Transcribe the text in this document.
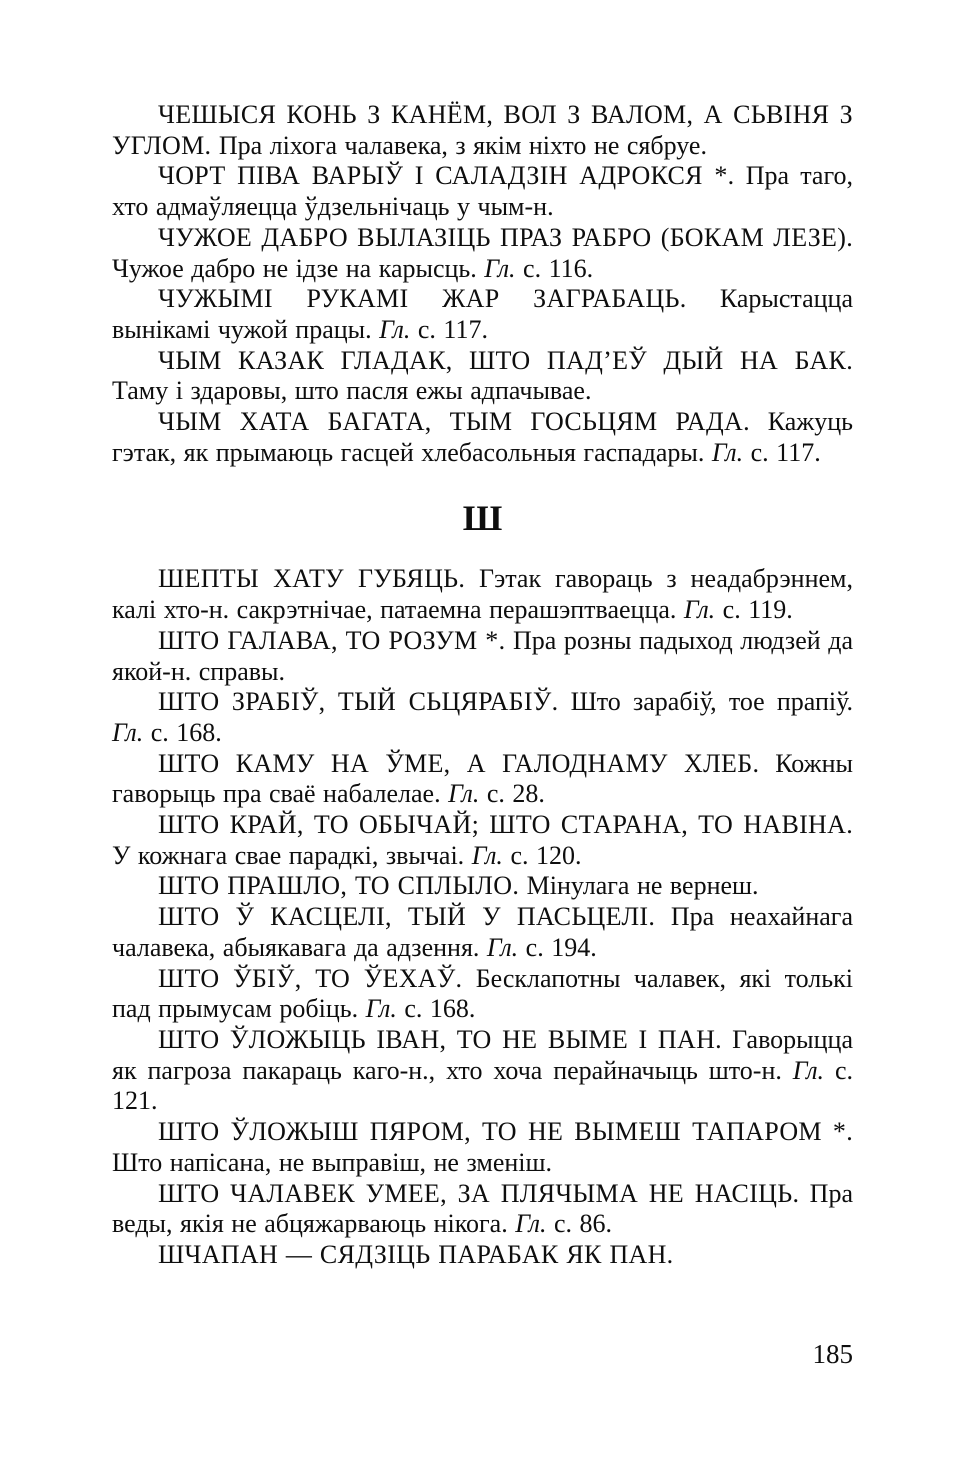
ЧЕШЫСЯ КОНЬ З КАНЁМ, ВОЛ З ВАЛОМ, А СЬВІНЯ З УГЛОМ. Пра ліхога чалавека, з якім ніхто не сябруе.

ЧОРТ ПІВА ВАРЫЎ І САЛАДЗІН АДРОКСЯ *. Пра таго, хто адмаўляецца ўдзельнічаць у чым-н.

ЧУЖОЕ ДАБРО ВЫЛАЗІЦЬ ПРАЗ РАБРО (БОКАМ ЛЕЗЕ). Чужое дабро не ідзе на карысць. Гл. с. 116.

ЧУЖЫМІ РУКАМІ ЖАР ЗАГРАБАЦЬ. Карыстацца вынікамі чужой працы. Гл. с. 117.

ЧЫМ КАЗАК ГЛАДАК, ШТО ПАД’ЕЎ ДЫЙ НА БАК. Таму і здаровы, што пасля ежы адпачывае.

ЧЫМ ХАТА БАГАТА, ТЫМ ГОСЬЦЯМ РАДА. Кажуць гэтак, як прымаюць гасцей хлебасольныя гаспадары. Гл. с. 117.

Ш

ШЕПТЫ ХАТУ ГУБЯЦЬ. Гэтак гавораць з неадабрэннем, калі хто-н. сакрэтнічае, патаемна перашэптваецца. Гл. с. 119.

ШТО ГАЛАВА, ТО РОЗУМ *. Пра розны падыход людзей да якой-н. справы.

ШТО ЗРАБІЎ, ТЫЙ СЬЦЯРАБІЎ. Што зарабіў, тое прапіў. Гл. с. 168.

ШТО КАМУ НА ЎМЕ, А ГАЛОДНАМУ ХЛЕБ. Кожны гаворыць пра сваё набалелае. Гл. с. 28.

ШТО КРАЙ, ТО ОБЫЧАЙ; ШТО СТАРАНА, ТО НАВІНА. У кожнага свае парадкі, звычаі. Гл. с. 120.

ШТО ПРАШЛО, ТО СПЛЫЛО. Мінулага не вернеш.

ШТО Ў КАСЦЕЛІ, ТЫЙ У ПАСЬЦЕЛІ. Пра неахайнага чалавека, абыякавага да адзення. Гл. с. 194.

ШТО ЎБІЎ, ТО ЎЕХАЎ. Бесклапотны чалавек, які толькі пад прымусам робіць. Гл. с. 168.

ШТО ЎЛОЖЫЦЬ ІВАН, ТО НЕ ВЫМЕ І ПАН. Гаворыцца як пагроза пакараць каго-н., хто хоча перайначыць што-н. Гл. с. 121.

ШТО ЎЛОЖЫШ ПЯРОМ, ТО НЕ ВЫМЕШ ТАПАРОМ *. Што напісана, не выправіш, не зменіш.

ШТО ЧАЛАВЕК УМЕЕ, ЗА ПЛЯЧЫМА НЕ НАСІЦЬ. Пра веды, якія не абцяжарваюць нікога. Гл. с. 86.

ШЧАПАН — СЯДЗІЦЬ ПАРАБАК ЯК ПАН.

185
